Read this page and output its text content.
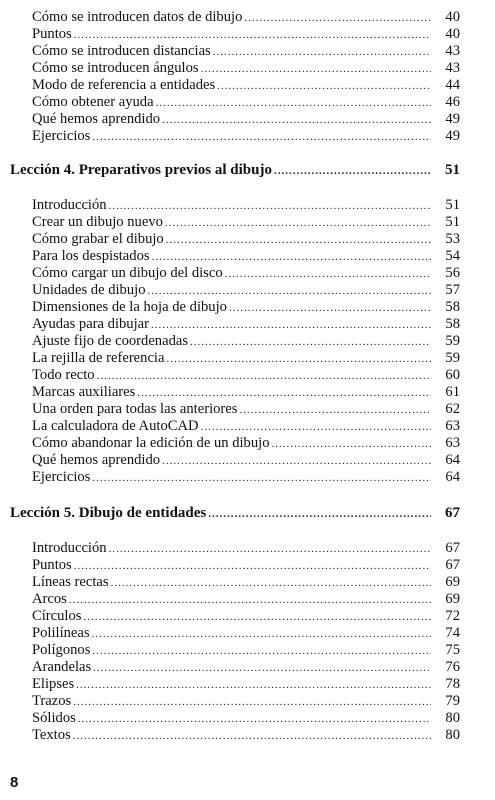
Cómo se introducen datos de dibujo .....	40
Puntos .....	40
Cómo se introducen distancias .....	43
Cómo se introducen ángulos .....	43
Modo de referencia a entidades .....	44
Cómo obtener ayuda .....	46
Qué hemos aprendido .....	49
Ejercicios .....	49
Lección 4. Preparativos previos al dibujo .....	51
Introducción .....	51
Crear un dibujo nuevo .....	51
Cómo grabar el dibujo .....	53
Para los despistados .....	54
Cómo cargar un dibujo del disco .....	56
Unidades de dibujo .....	57
Dimensiones de la hoja de dibujo .....	58
Ayudas para dibujar .....	58
Ajuste fijo de coordenadas .....	59
La rejilla de referencia .....	59
Todo recto .....	60
Marcas auxiliares .....	61
Una orden para todas las anteriores .....	62
La calculadora de AutoCAD .....	63
Cómo abandonar la edición de un dibujo .....	63
Qué hemos aprendido .....	64
Ejercicios .....	64
Lección 5. Dibujo de entidades .....	67
Introducción .....	67
Puntos .....	67
Líneas rectas .....	69
Arcos .....	69
Círculos .....	72
Polilíneas .....	74
Polígonos .....	75
Arandelas .....	76
Elipses .....	78
Trazos .....	79
Sólidos .....	80
Textos .....	80
8
